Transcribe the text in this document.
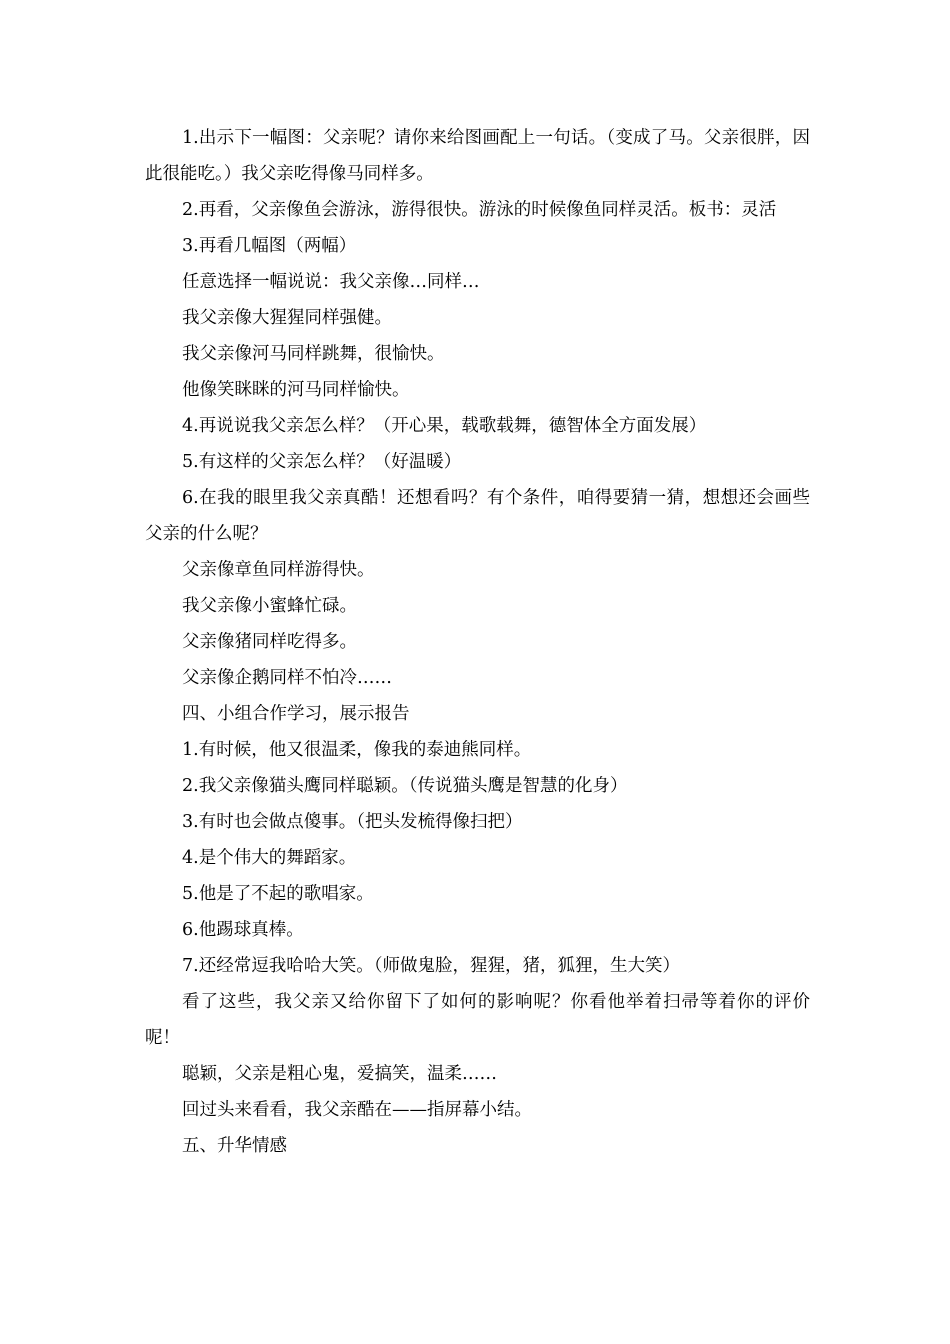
1.出示下一幅图：父亲呢？请你来给图画配上一句话。（变成了马。父亲很胖，因此很能吃。）我父亲吃得像马同样多。

2.再看，父亲像鱼会游泳，游得很快。游泳的时候像鱼同样灵活。板书：灵活

3.再看几幅图（两幅）

任意选择一幅说说：我父亲像…同样…

我父亲像大猩猩同样强健。

我父亲像河马同样跳舞，很愉快。

他像笑眯眯的河马同样愉快。

4.再说说我父亲怎么样？（开心果，载歌载舞，德智体全方面发展）

5.有这样的父亲怎么样？（好温暖）

6.在我的眼里我父亲真酷！还想看吗？有个条件，咱得要猜一猜，想想还会画些父亲的什么呢？

父亲像章鱼同样游得快。

我父亲像小蜜蜂忙碌。

父亲像猪同样吃得多。

父亲像企鹅同样不怕冷……

四、小组合作学习，展示报告

1.有时候，他又很温柔，像我的泰迪熊同样。

2.我父亲像猫头鹰同样聪颖。（传说猫头鹰是智慧的化身）

3.有时也会做点傻事。（把头发梳得像扫把）

4.是个伟大的舞蹈家。

5.他是了不起的歌唱家。

6.他踢球真棒。

7.还经常逗我哈哈大笑。（师做鬼脸，猩猩，猪，狐狸，生大笑）

看了这些，我父亲又给你留下了如何的影响呢？你看他举着扫帚等着你的评价呢！

聪颖，父亲是粗心鬼，爱搞笑，温柔……

回过头来看看，我父亲酷在——指屏幕小结。

五、升华情感
